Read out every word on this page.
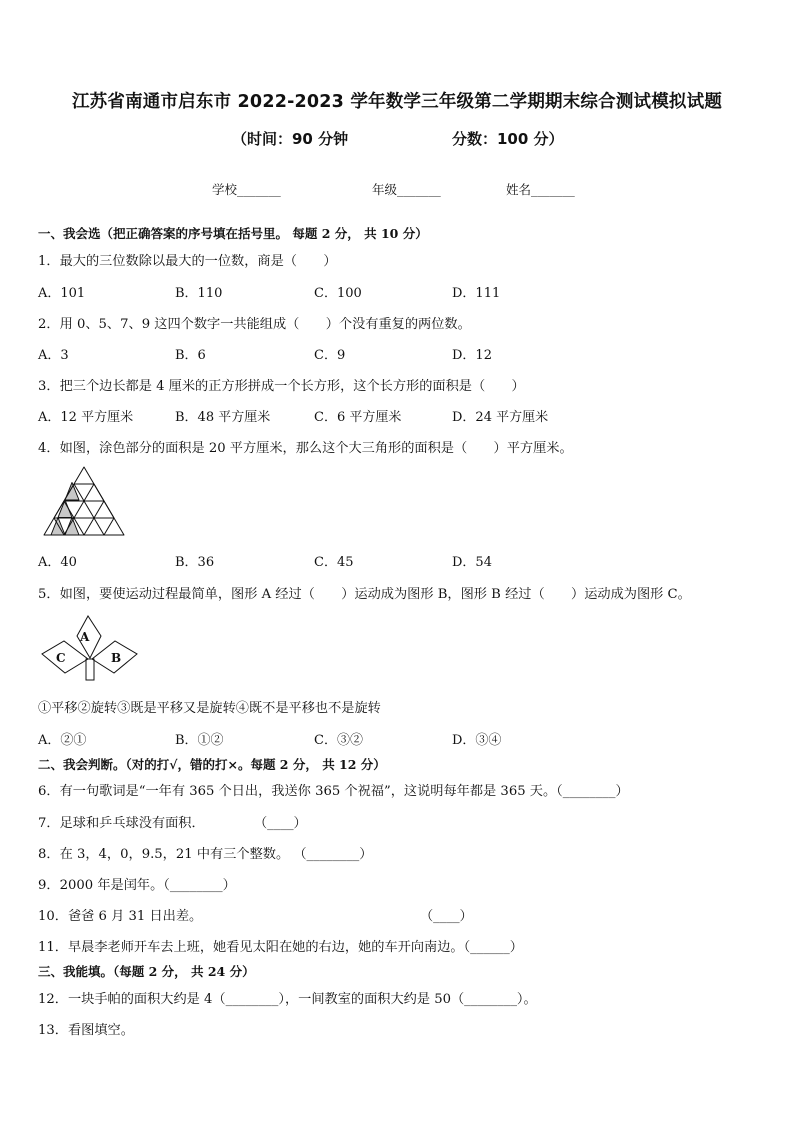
江苏省南通市启东市 2022-2023 学年数学三年级第二学期期末综合测试模拟试题
（时间：90 分钟	分数：100 分）
学校_______	年级_______	姓名_______
一、我会选（把正确答案的序号填在括号里。 每题 2 分， 共 10 分）
1．最大的三位数除以最大的一位数，商是（　　）
A．101	B．110	C．100	D．111
2．用 0、5、7、9 这四个数字一共能组成（　　）个没有重复的两位数。
A．3	B．6	C．9	D．12
3．把三个边长都是 4 厘米的正方形拼成一个长方形，这个长方形的面积是（　　）
A．12 平方厘米	B．48 平方厘米	C．6 平方厘米	D．24 平方厘米
4．如图，涂色部分的面积是 20 平方厘米，那么这个大三角形的面积是（　　）平方厘米。
A．40	B．36	C．45	D．54
5．如图，要使运动过程最简单，图形 A 经过（　　）运动成为图形 B，图形 B 经过（　　）运动成为图形 C。
A
B
C
①平移②旋转③既是平移又是旋转④既不是平移也不是旋转
A．②①	B．①②	C．③②	D．③④
二、我会判断。（对的打√，错的打×。每题 2 分， 共 12 分）
6．有一句歌词是“一年有 365 个日出，我送你 365 个祝福”，这说明每年都是 365 天。（________）
7．足球和乒乓球没有面积．	（____）
8．在 3，4，0，9.5，21 中有三个整数。 （________）
9．2000 年是闰年。（________）
10．爸爸 6 月 31 日出差。	（____）
11．早晨李老师开车去上班，她看见太阳在她的右边，她的车开向南边。（______）
三、我能填。（每题 2 分， 共 24 分）
12．一块手帕的面积大约是 4（________），一间教室的面积大约是 50（________）。
13．看图填空。
